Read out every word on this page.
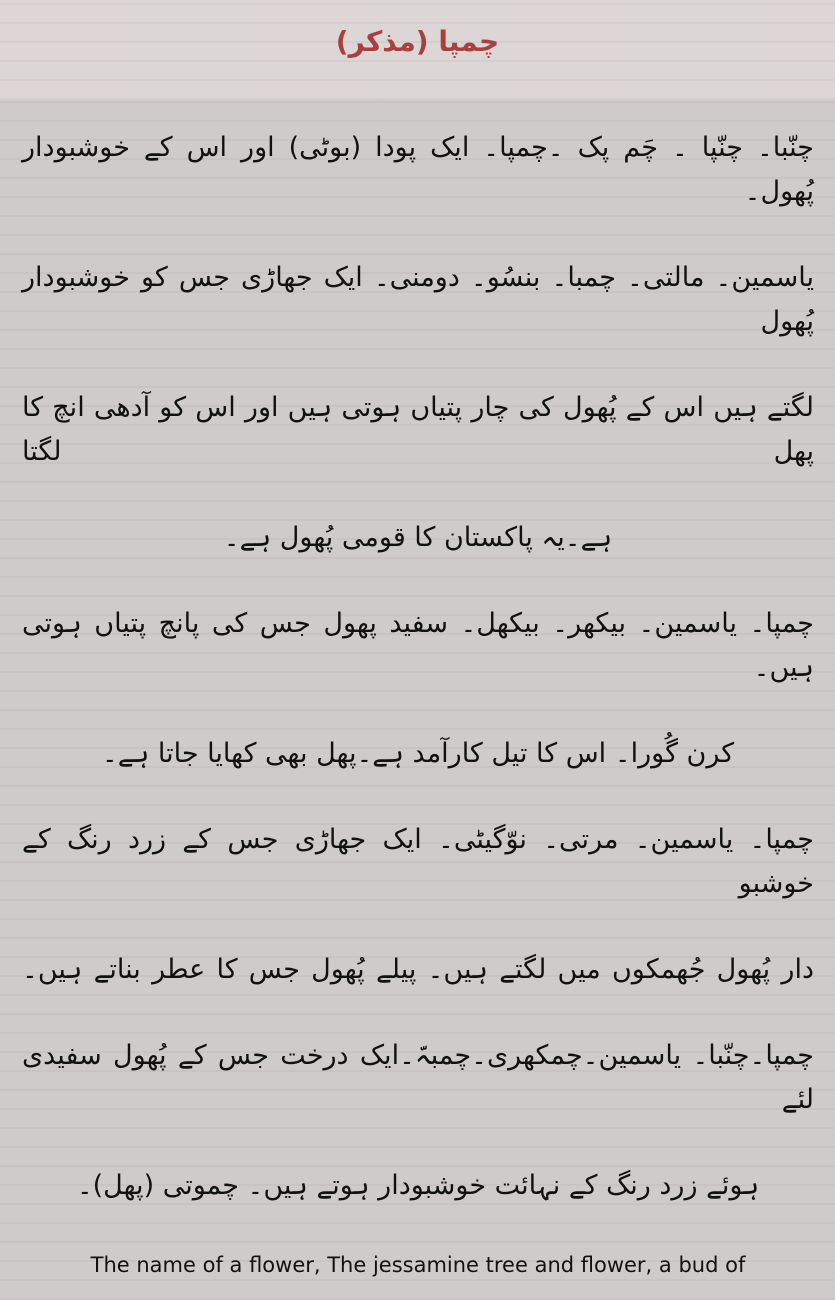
چمپا (مذکر)
چنّبا۔ چنّپا ۔ چَم پک ۔چمپا۔ ایک پودا (بوٹی) اور اس کے خوشبودار پُھول۔
یاسمین۔ مالتی۔ چمبا۔ بنسُو۔ دومنی۔ ایک جھاڑی جس کو خوشبودار پُھول
لگتے ہیں اس کے پُھول کی چار پتیاں ہوتی ہیں اور اس کو آدھی انچ کا پھل لگتا
ہے۔یہ پاکستان کا قومی پُھول ہے۔
چمپا۔ یاسمین۔ بیکھر۔ بیکھل۔ سفید پھول جس کی پانچ پتیاں ہوتی ہیں۔
کرن گُورا۔ اس کا تیل کارآمد ہے۔پھل بھی کھایا جاتا ہے۔
چمپا۔ یاسمین۔ مرتی۔ نوّگیٹی۔ ایک جھاڑی جس کے زرد رنگ کے خوشبو
دار پُھول جُھمکوں میں لگتے ہیں۔ پیلے پُھول جس کا عطر بناتے ہیں۔
چمپا۔چنّبا۔ یاسمین۔چمکھری۔چمبہّ۔ایک درخت جس کے پُھول سفیدی لئے
ہوئے زرد رنگ کے نہائت خوشبودار ہوتے ہیں۔ چموتی (پھل)۔
The name of a flower, The jessamine tree and flower, a bud of
